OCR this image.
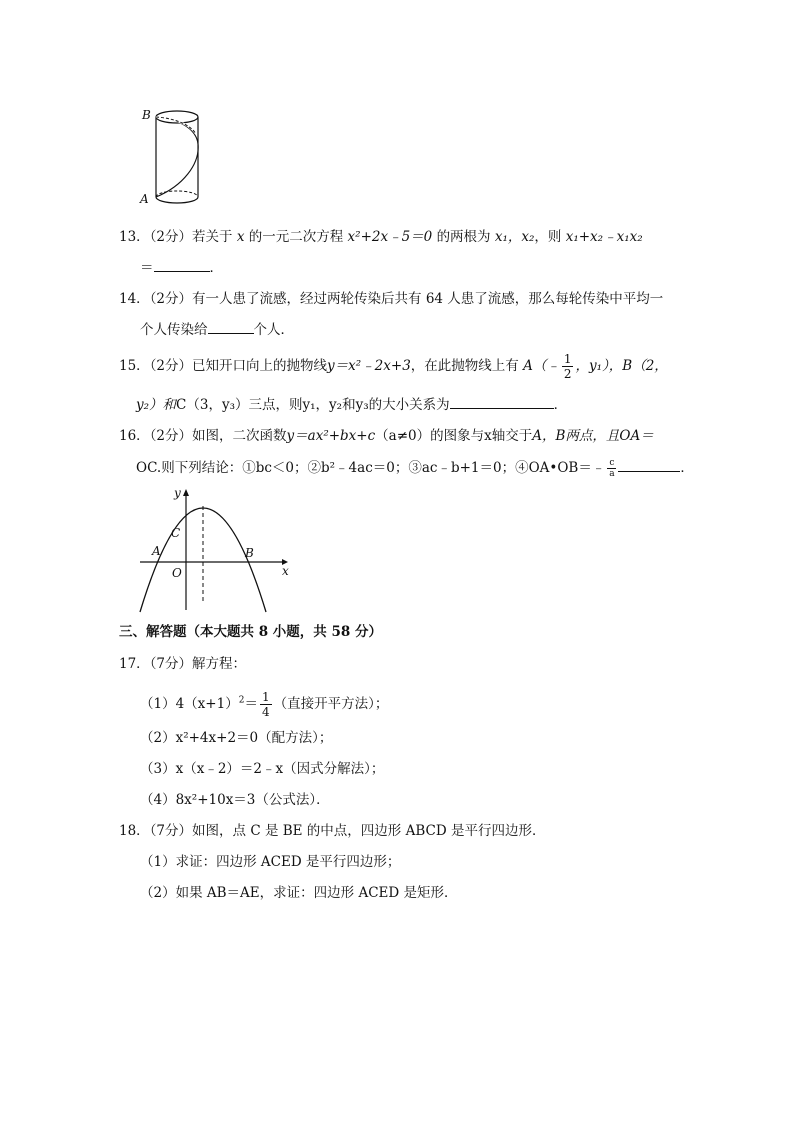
B
A
13．（2分）若关于 x 的一元二次方程 x²+2x﹣5＝0 的两根为 x₁，x₂，则 x₁+x₂﹣x₁x₂
＝	．
14．（2分）有一人患了流感，经过两轮传染后共有 64 人患了流感，那么每轮传染中平均一
个人传染给	个人．
15．（2分）已知开口向上的抛物线y＝x²﹣2x+3，在此抛物线上有 A（﹣ $\frac{1}{2}$ ，y₁），B（2，
y₂）和C（3，y₃）三点，则y₁，y₂和y₃的大小关系为	．
16．（2分）如图，二次函数y＝ax²+bx+c（a≠0）的图象与x轴交于A，B两点，且OA＝
OC.则下列结论：①bc＜0；②b²﹣4ac＝0；③ac﹣b+1＝0；④OA•OB＝﹣ $\frac{c}{a}$	．
y
x
C
A
O
B
三、解答题（本大题共 8 小题，共 58 分）
17．（7分）解方程：
$(1)4(x+1)^2= \frac{1}{4}$ （直接开平方法）；
（2）x²+4x+2＝0（配方法）；
（3）x（x﹣2）＝2﹣x（因式分解法）；
（4）8x²+10x＝3（公式法）．
18．（7分）如图，点 C 是 BE 的中点，四边形 ABCD 是平行四边形．
（1）求证：四边形 ACED 是平行四边形；
（2）如果 AB＝AE，求证：四边形 ACED 是矩形．
